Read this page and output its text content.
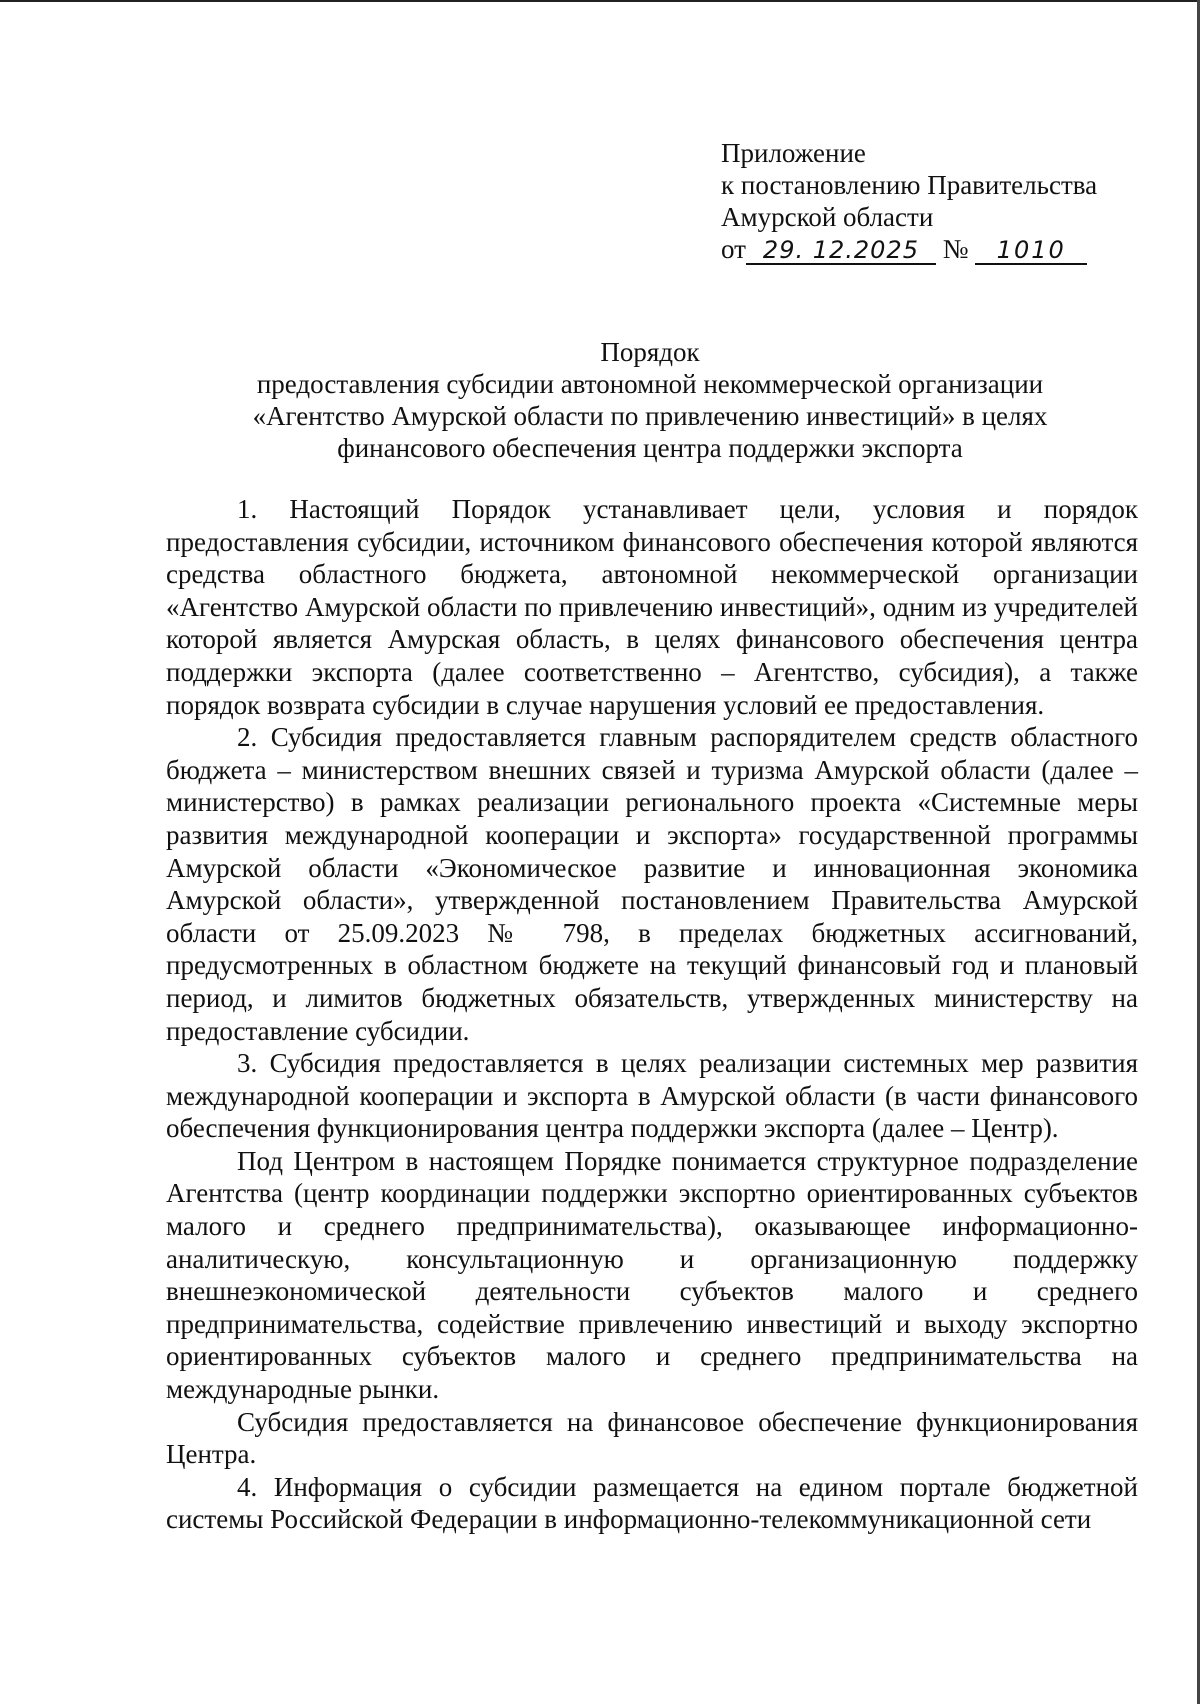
Приложение
к постановлению Правительства
Амурской области
от 29. 12.2025 № 1010
Порядок
предоставления субсидии автономной некоммерческой организации
«Агентство Амурской области по привлечению инвестиций» в целях
финансового обеспечения центра поддержки экспорта

1. Настоящий Порядок устанавливает цели, условия и порядок предоставления субсидии, источником финансового обеспечения которой являются средства областного бюджета, автономной некоммерческой организации «Агентство Амурской области по привлечению инвестиций», одним из учредителей которой является Амурская область, в целях финансового обеспечения центра поддержки экспорта (далее соответственно – Агентство, субсидия), а также порядок возврата субсидии в случае нарушения условий ее предоставления.

2. Субсидия предоставляется главным распорядителем средств областного бюджета – министерством внешних связей и туризма Амурской области (далее – министерство) в рамках реализации регионального проекта «Системные меры развития международной кооперации и экспорта» государственной программы Амурской области «Экономическое развитие и инновационная экономика Амурской области», утвержденной постановлением Правительства Амурской области от 25.09.2023 № 798, в пределах бюджетных ассигнований, предусмотренных в областном бюджете на текущий финансовый год и плановый период, и лимитов бюджетных обязательств, утвержденных министерству на предоставление субсидии.

3. Субсидия предоставляется в целях реализации системных мер развития международной кооперации и экспорта в Амурской области (в части финансового обеспечения функционирования центра поддержки экспорта (далее – Центр).

Под Центром в настоящем Порядке понимается структурное подразделение Агентства (центр координации поддержки экспортно ориентированных субъектов малого и среднего предпринимательства), оказывающее информационно-аналитическую, консультационную и организационную поддержку внешнеэкономической деятельности субъектов малого и среднего предпринимательства, содействие привлечению инвестиций и выходу экспортно ориентированных субъектов малого и среднего предпринимательства на международные рынки.

Субсидия предоставляется на финансовое обеспечение функционирования Центра.

4. Информация о субсидии размещается на едином портале бюджетной системы Российской Федерации в информационно-телекоммуникационной сети
